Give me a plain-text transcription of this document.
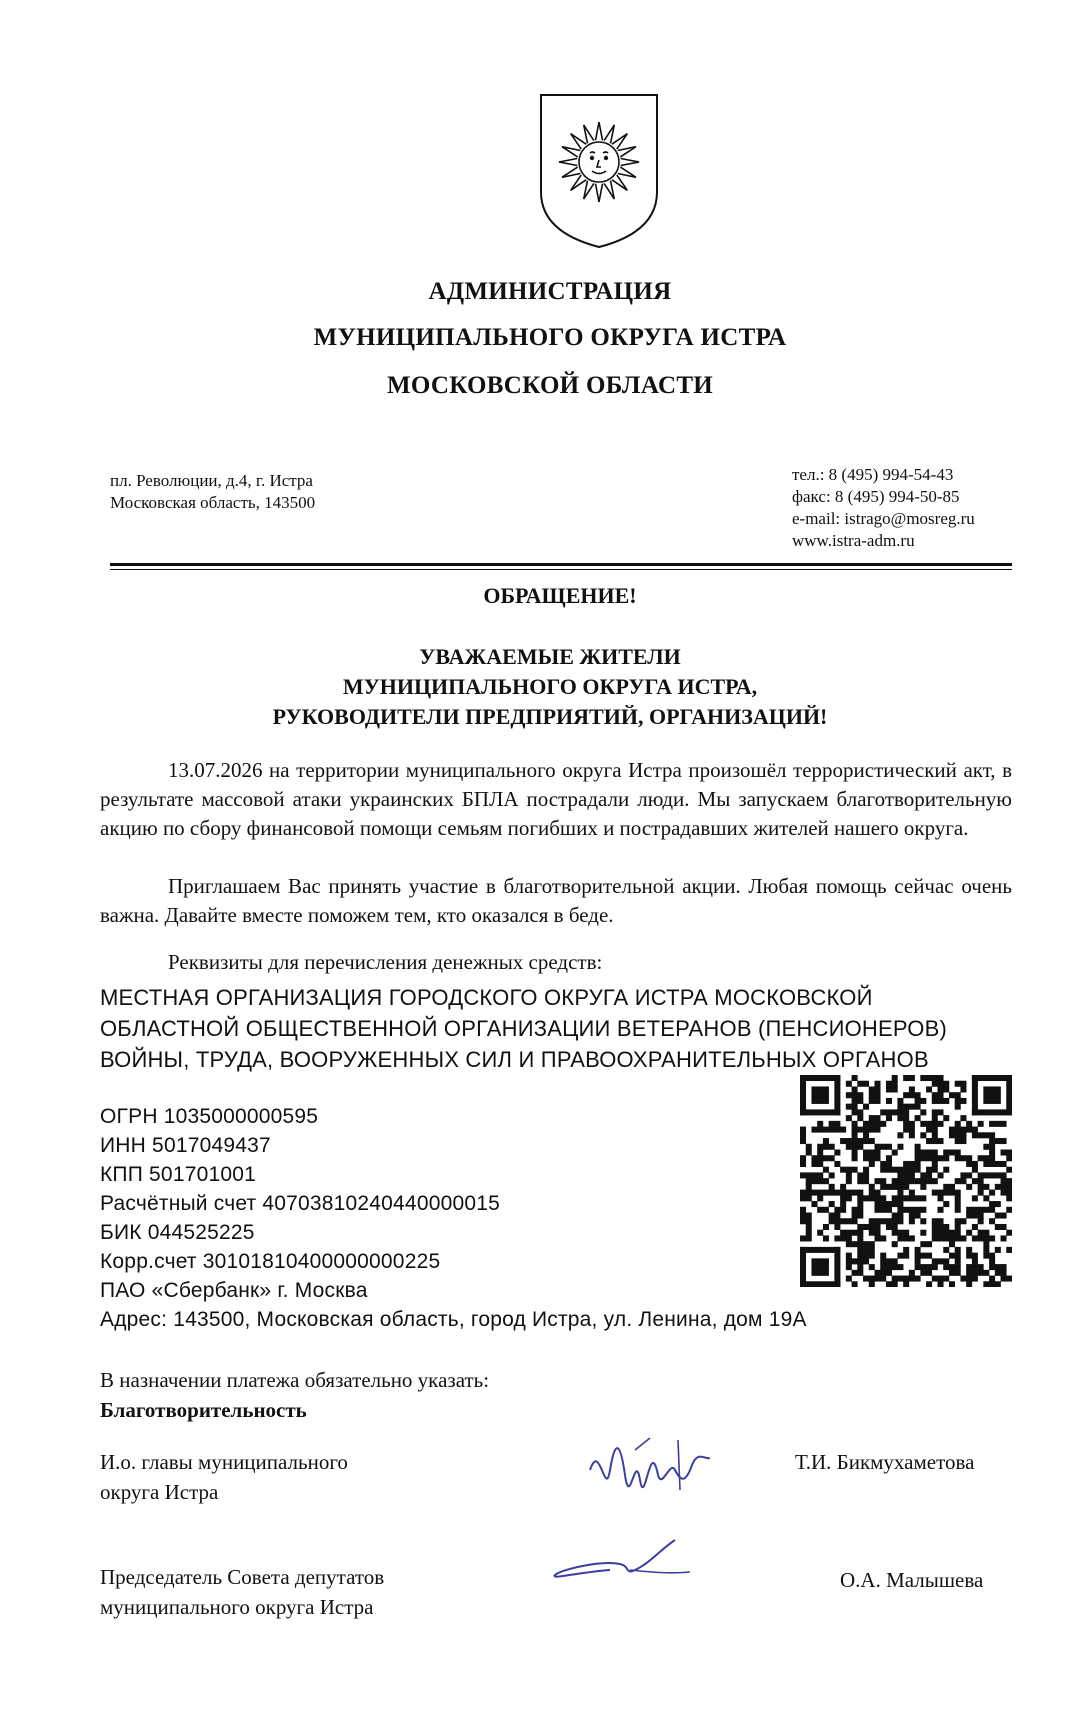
АДМИНИСТРАЦИЯ
МУНИЦИПАЛЬНОГО ОКРУГА ИСТРА
МОСКОВСКОЙ ОБЛАСТИ
пл. Революции, д.4, г. Истра
Московская область, 143500
тел.: 8 (495) 994-54-43
факс: 8 (495) 994-50-85
e-mail: istrago@mosreg.ru
www.istra-adm.ru
ОБРАЩЕНИЕ!
УВАЖАЕМЫЕ ЖИТЕЛИ
МУНИЦИПАЛЬНОГО ОКРУГА ИСТРА,
РУКОВОДИТЕЛИ ПРЕДПРИЯТИЙ, ОРГАНИЗАЦИЙ!
13.07.2026 на территории муниципального округа Истра произошёл террористический акт, в результате массовой атаки украинских БПЛА пострадали люди. Мы запускаем благотворительную акцию по сбору финансовой помощи семьям погибших и пострадавших жителей нашего округа.
Приглашаем Вас принять участие в благотворительной акции. Любая помощь сейчас очень важна. Давайте вместе поможем тем, кто оказался в беде.
Реквизиты для перечисления денежных средств:
МЕСТНАЯ ОРГАНИЗАЦИЯ ГОРОДСКОГО ОКРУГА ИСТРА МОСКОВСКОЙ ОБЛАСТНОЙ ОБЩЕСТВЕННОЙ ОРГАНИЗАЦИИ ВЕТЕРАНОВ (ПЕНСИОНЕРОВ) ВОЙНЫ, ТРУДА, ВООРУЖЕННЫХ СИЛ И ПРАВООХРАНИТЕЛЬНЫХ ОРГАНОВ
ОГРН 1035000000595
ИНН 5017049437
КПП 501701001
Расчётный счет 40703810240440000015
БИК 044525225
Корр.счет 30101810400000000225
ПАО «Сбербанк» г. Москва
Адрес: 143500, Московская область, город Истра, ул. Ленина, дом 19А
В назначении платежа обязательно указать:
Благотворительность
И.о. главы муниципального
округа Истра
Т.И. Бикмухаметова
Председатель Совета депутатов
муниципального округа Истра
О.А. Малышева
